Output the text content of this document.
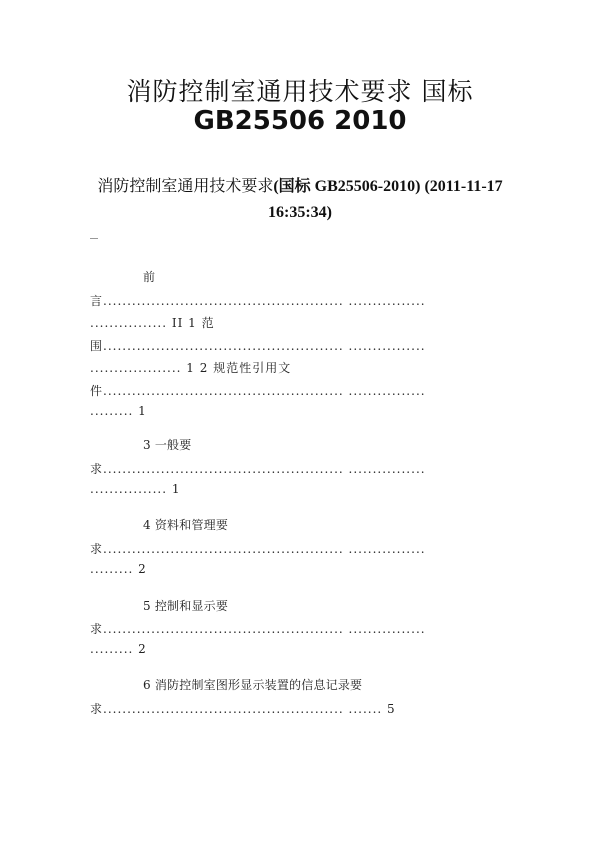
消防控制室通用技术要求 国标
GB25506 2010
消防控制室通用技术要求(国标 GB25506-2010) (2011-11-17
16:35:34)
前
言.................................................. ................
................ II 1 范
围.................................................. ................
................... 1 2 规范性引用文
件.................................................. ................
......... 1
3 一般要
求.................................................. ................
................ 1
4 资料和管理要
求.................................................. ................
......... 2
5 控制和显示要
求.................................................. ................
......... 2
6 消防控制室图形显示装置的信息记录要
求.................................................. ....... 5
